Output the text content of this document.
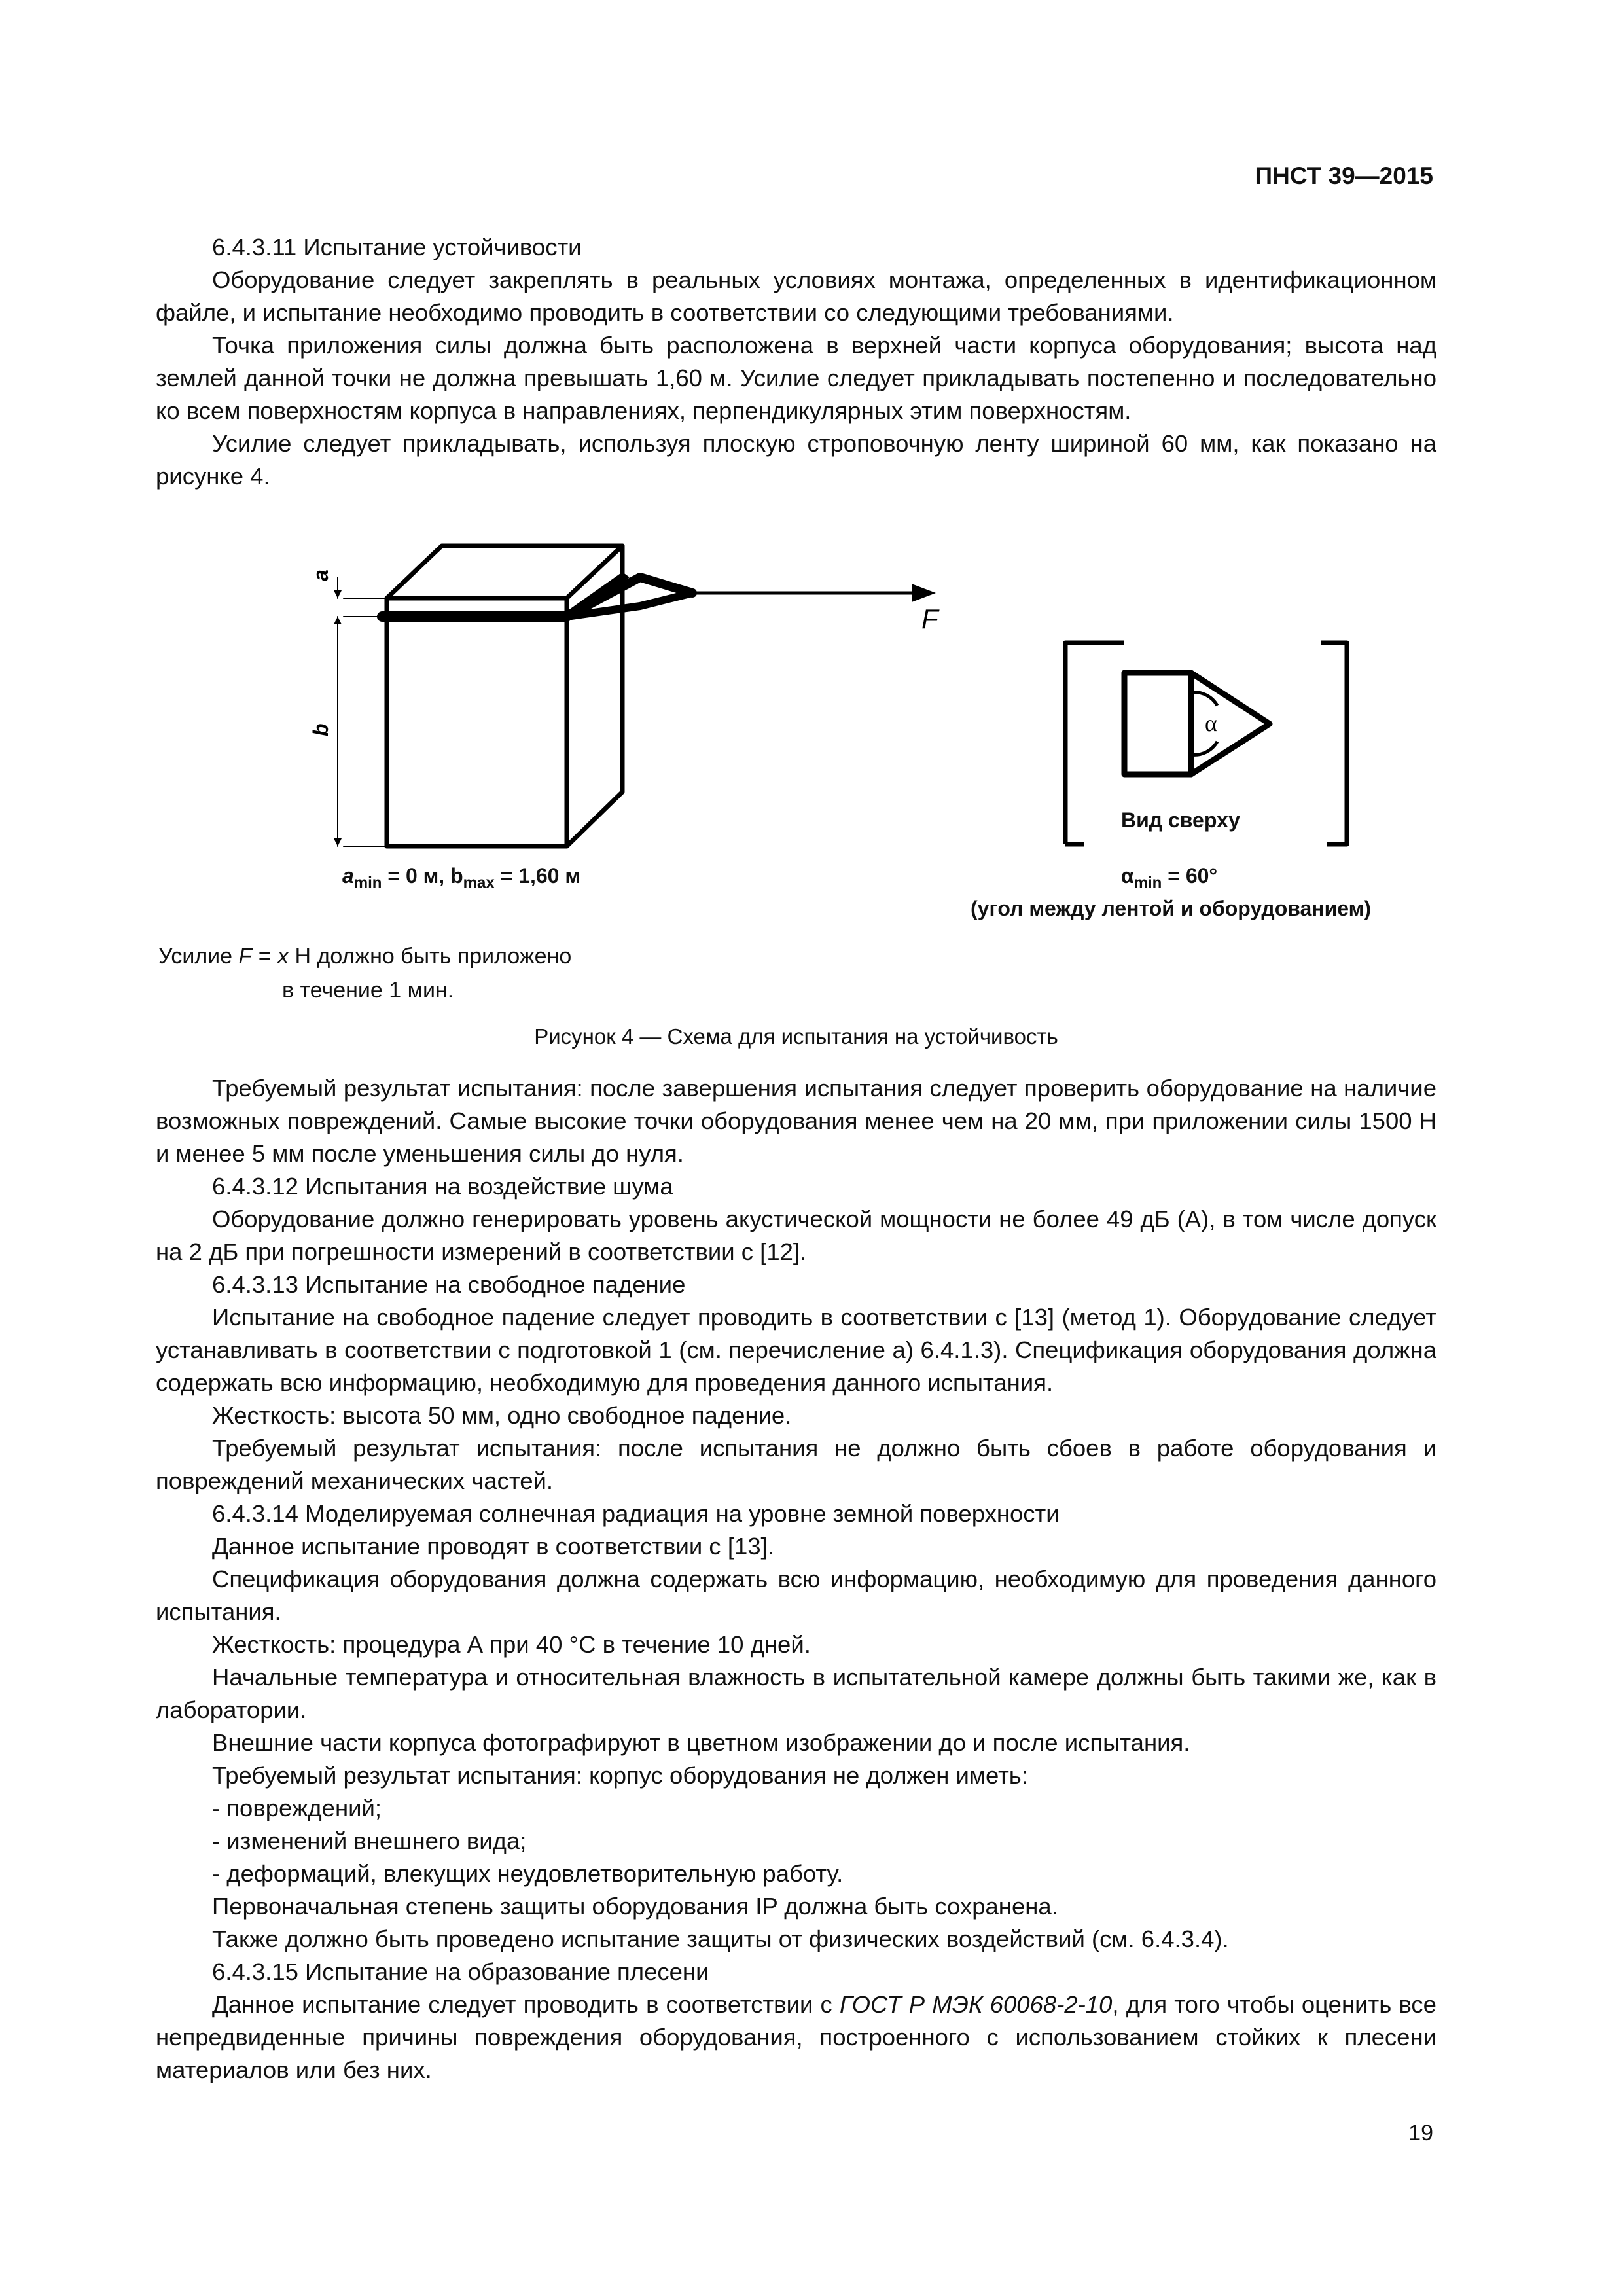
ПНСТ 39—2015

6.4.3.11 Испытание устойчивости

Оборудование следует закреплять в реальных условиях монтажа, определенных в идентификационном файле, и испытание необходимо проводить в соответствии со следующими требованиями.

Точка приложения силы должна быть расположена в верхней части корпуса оборудования; высота над землей данной точки не должна превышать 1,60 м. Усилие следует прикладывать постепенно и последовательно ко всем поверхностям корпуса в направлениях, перпендикулярных этим поверхностям.

Усилие следует прикладывать, используя плоскую строповочную ленту шириной 60 мм, как показано на рисунке 4.

a
b
F
α
Вид сверху
$a_{min} = 0$ м, $b_{max} = 1,60$ м	$\alpha_{min} = 60^\circ$
(угол между лентой и оборудованием)
Усилие F = x Н должно быть приложено
в течение 1 мин.
Рисунок 4 — Схема для испытания на устойчивость

Требуемый результат испытания: после завершения испытания следует проверить оборудование на наличие возможных повреждений. Самые высокие точки оборудования менее чем на 20 мм, при приложении силы 1500 Н и менее 5 мм после уменьшения силы до нуля.

6.4.3.12 Испытания на воздействие шума

Оборудование должно генерировать уровень акустической мощности не более 49 дБ (А), в том числе допуск на 2 дБ при погрешности измерений в соответствии с [12].

6.4.3.13 Испытание на свободное падение

Испытание на свободное падение следует проводить в соответствии с [13] (метод 1). Оборудование следует устанавливать в соответствии с подготовкой 1 (см. перечисление а) 6.4.1.3). Спецификация оборудования должна содержать всю информацию, необходимую для проведения данного испытания.

Жесткость: высота 50 мм, одно свободное падение.

Требуемый результат испытания: после испытания не должно быть сбоев в работе оборудования и повреждений механических частей.

6.4.3.14 Моделируемая солнечная радиация на уровне земной поверхности

Данное испытание проводят в соответствии с [13].

Спецификация оборудования должна содержать всю информацию, необходимую для проведения данного испытания.

Жесткость: процедура А при 40 °С в течение 10 дней.

Начальные температура и относительная влажность в испытательной камере должны быть такими же, как в лаборатории.

Внешние части корпуса фотографируют в цветном изображении до и после испытания.

Требуемый результат испытания: корпус оборудования не должен иметь:

- повреждений;

- изменений внешнего вида;

- деформаций, влекущих неудовлетворительную работу.

Первоначальная степень защиты оборудования IP должна быть сохранена.

Также должно быть проведено испытание защиты от физических воздействий (см. 6.4.3.4).

6.4.3.15 Испытание на образование плесени

Данное испытание следует проводить в соответствии с ГОСТ Р МЭК 60068-2-10, для того чтобы оценить все непредвиденные причины повреждения оборудования, построенного с использованием стойких к плесени материалов или без них.

19
